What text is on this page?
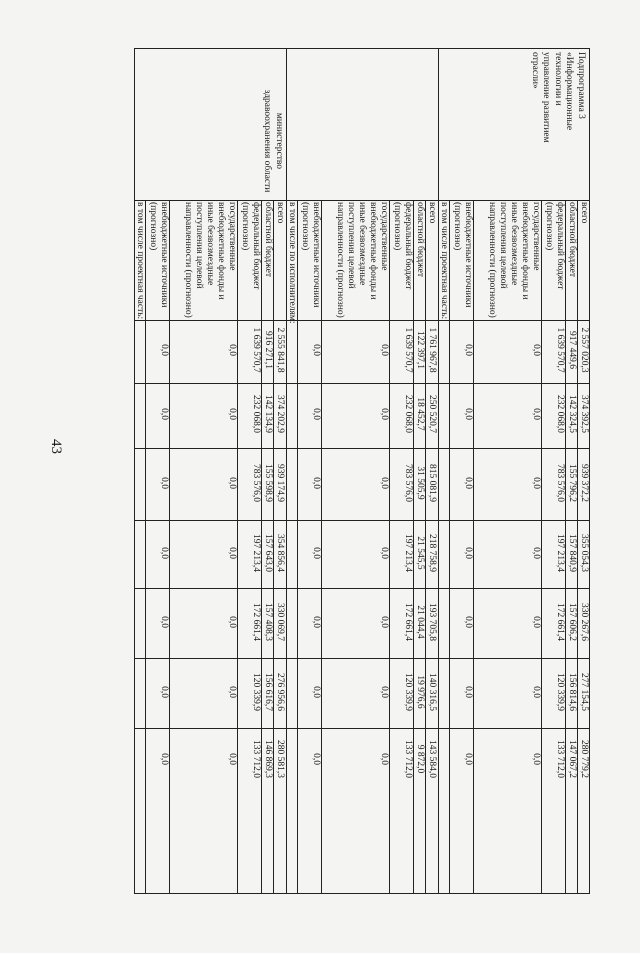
43
Подпрограмма 3 «Информационные технологии и управление развитием отрасли»
всего
2 557 020,3
374 392,5
939 372,2
355 054,3
330 267,6
277 154,5
280 779,2
областной бюджет
917 449,6
142 324,5
155 796,2
157 840,9
157 606,2
156 814,6
147 067,2
федеральный бюджет (прогнозно)
1 639 570,7
232 068,0
783 576,0
197 213,4
172 661,4
120 339,9
133 712,0
государственные внебюджетные фонды и иные безвозмездные поступления целевой направленности (прогнозно)
0,0
0,0
0,0
0,0
0,0
0,0
0,0
внебюджетные источники (прогнозно)
0,0
0,0
0,0
0,0
0,0
0,0
0,0
в том числе проектная часть:
всего
1 761 967,8
250 520,7
815 081,9
218 758,9
193 705,8
140 316,5
143 584,0
областной бюджет
122 397,1
18 452,7
31 505,9
21 545,5
21 044,4
19 976,6
9 872,0
федеральный бюджет (прогнозно)
1 639 570,7
232 068,0
783 576,0
197 213,4
172 661,4
120 339,9
133 712,0
государственные внебюджетные фонды и иные безвозмездные поступления целевой направленности (прогнозно)
0,0
0,0
0,0
0,0
0,0
0,0
0,0
внебюджетные источники (прогнозно)
0,0
0,0
0,0
0,0
0,0
0,0
0,0
в том числе по исполнителям:
всего
2 555 841,8
374 202,9
939 174,9
354 856,4
330 069,7
276 956,6
280 581,3
областной бюджет
916 271,1
142 134,9
155 598,9
157 643,0
157 408,3
156 616,7
146 869,3
федеральный бюджет (прогнозно)
1 639 570,7
232 068,0
783 576,0
197 213,4
172 661,4
120 339,9
133 712,0
государственные внебюджетные фонды и иные безвозмездные поступления целевой направленности (прогнозно)
0,0
0,0
0,0
0,0
0,0
0,0
0,0
внебюджетные источники (прогнозно)
0,0
0,0
0,0
0,0
0,0
0,0
0,0
министерство здравоохранения области
в том числе проектная часть:
